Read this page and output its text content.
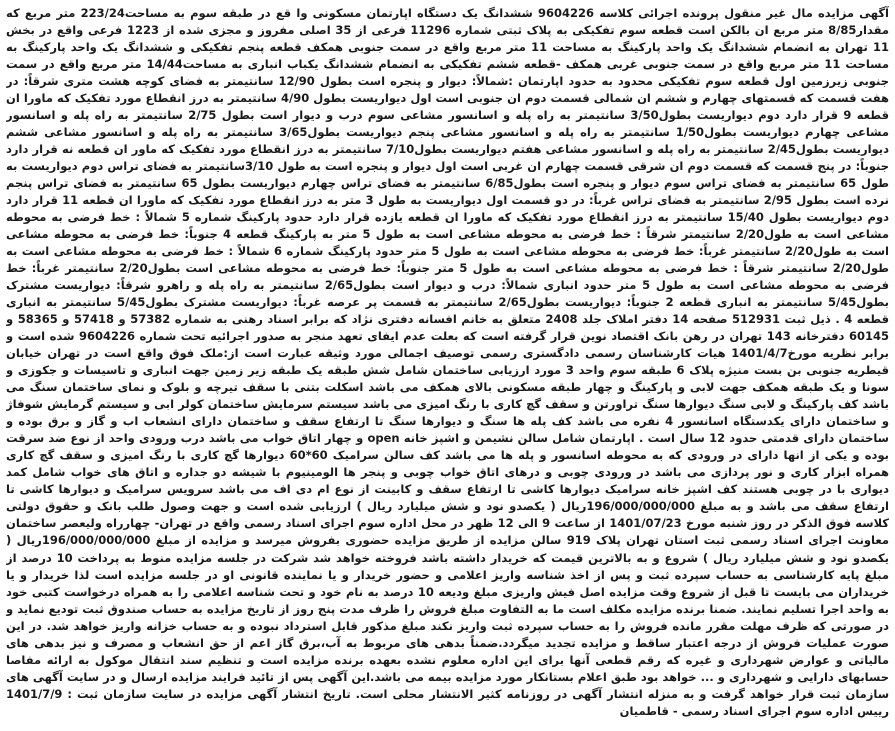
آگهی مزایده مال غیر منقول پرونده اجرائی کلاسه 9604226 ششدانگ یک دستگاه اپارتمان مسکونی وا قع در طبقه سوم به مساحت223/24 متر مربع که مقدار8/85 متر مربع ان بالکن است قطعه سوم تفکیکی به پلاک ثبتی شماره 11296 فرعی از 35 اصلی مفروز و مجزی شده از 1223 فرعی واقع در بخش 11 تهران به انضمام ششدانگ یک واحد پارکینگ به مساحت 11 متر مربع واقع در سمت جنوبی همکف قطعه پنجم تفکیکی و ششدانگ یک واحد پارکینگ به مساحت 11 متر مربع واقع در سمت جنوبی غربی همکف -قطعه ششم تفکیکی به انضمام ششدانگ یکباب انباری به مساحت14/44 متر مربع واقع در سمت جنوبی زیرزمین اول قطعه سوم تفکیکی محدود به حدود اپارتمان :شمالاً: دیوار و پنجره است بطول 12/90 سانتیمتر به فضای کوچه هشت متری شرقاً: در هفت قسمت که قسمتهای چهارم و ششم ان شمالی قسمت دوم ان جنوبی است اول دیواریست بطول 4/90 سانتیمتر به درز انقطاع مورد تفکیک که ماورا ان قطعه 9 قرار دارد دوم دیواریست بطول3/50 سانتیمتر به راه پله و اسانسور مشاعی سوم درب و دیوار است بطول 2/75 سانتیمتر به راه پله و اسانسور مشاعی چهارم دیواریست بطول1/50 سانتیمتر به راه پله و اسانسور مشاعی پنجم دیواریست بطول3/65 سانتیمتر به راه پله و اسانسور مشاعی ششم دیواریست بطول2/45 سانتیمتر به راه پله و اسانسور مشاعی هفتم دیواریست بطول7/10 سانتیمتر به درز انقطاع مورد تفکیک که ماور ان قطعه نه قرار دارد جنوباً: در پنج قسمت که قسمت دوم ان شرقی قسمت چهارم ان غربی است اول دیوار و پنجره است به طول 3/10سانتیمتر به فضای تراس دوم دیواریست به طول 65 سانتیمتر به فضای تراس سوم دیوار و پنجره است بطول6/85 سانتیمتر به فضای تراس چهارم دیواریست بطول 65 سانتیمتر به فضای تراس پنجم نرده است بطول 2/95 سانتیمتر به فضای تراس غرباً: در دو قسمت اول دیواریست به طول 3 متر به درز انقطاع مورد تفکیک که ماورا ان قطعه 11 قرار دارد دوم دیواریست بطول 15/40 سانتیمتر به درز انقطاع مورد تفکیک که ماورا ان قطعه یازده قرار دارد حدود پارکینگ شماره 5 شمالاً : خط فرضی به محوطه مشاعی است به طول2/20 سانتیمتر شرقاً : خط فرضی به محوطه مشاعی است به طول 5 متر به پارکینگ قطعه 4 جنوباً: خط فرضی به محوطه مشاعی است به طول2/20 سانتیمتر غرباً: خط فرضی به محوطه مشاعی است به طول 5 متر حدود پارکینگ شماره 6 شمالاً : خط فرضی به محوطه مشاعی است به طول2/20 سانتیمتر شرقاً : خط فرضی به محوطه مشاعی است به طول 5 متر جنوباً: خط فرضی به محوطه مشاعی است بطول2/20 سانتیمتر غرباً: خط فرضی به محوطه مشاعی است به طول 5 متر حدود انباری شمالاً: درب و دیوار است بطول2/65 سانتیمتر به راه پله و راهرو شرقاً: دیواریست مشترک بطول5/45 سانتیمتر به انباری قطعه 2 جنوباً: دیواریست بطول2/65 سانتیمتر به قسمت پر عرصه غرباً: دیواریست مشترک بطول5/45 سانتیمتر به انباری قطعه 4 . ذیل ثبت 512931 صفحه 14 دفتر املاک جلد 2408 متعلق به خانم افسانه دفتری نژاد که برابر اسناد رهنی به شماره 57382 و 57418 و 58365 و 60145 دفترخانه 143 تهران در رهن بانک اقتصاد نوین قرار گرفته است که بعلت عدم ایفای تعهد منجر به صدور اجرائیه تحت شماره 9604226 شده است و برابر نظریه مورخ1401/4/7 هیات کارشناسان رسمی دادگستری رسمی توصیف اجمالی مورد وثیقه عبارت است از:ملک فوق واقع است در تهران خیابان قیطریه جنوبی بن بست منیژه پلاک 6 طبقه سوم واحد 3 مورد ارزیابی ساختمان شامل شش طبقه یک طبقه زیر زمین جهت انباری و تاسیسات و جکوزی و سونا و یک طبقه همکف جهت لابی و پارکینگ و چهار طبقه مسکونی بالای همکف می باشد اسکلت بتنی با سقف تیرچه و بلوک و نمای ساختمان سنگ می باشد کف پارکینگ و لابی سنگ دیوارها سنگ تراورتن و سقف گچ کاری با رنگ امیزی می باشد سیستم سرمایش ساختمان کولر ابی و سیستم گرمایش شوفاژ و ساختمان دارای یکدستگاه اسانسور 4 نفره می باشد کف پله ها سنگ و دیوارها سنگ تا ارتفاع سقف و ساختمان دارای انشعاب اب و گاز و برق بوده و ساختمان دارای قدمتی حدود 12 سال است . اپارتمان شامل سالن نشیمن و اشپز خانه open و چهار اتاق خواب می باشد درب ورودی واحد از نوع ضد سرقت بوده و یکی از انها دارای در ورودی که به محوطه اسانسور و پله ها می باشد کف سالن سرامیک 60*60 دیوارها گچ کاری با رنگ امیزی و سقف گچ کاری همراه ابزار کاری و نور پردازی می باشد در ورودی چوبی و درهای اتاق خواب چوبی و پنجر ها الومینیوم با شیشه دو جداره و اتاق های خواب شامل کمد دیواری با در چوبی هستند کف اشپز خانه سرامیک دیوارها کاشی تا ارتفاع سقف و کابینت از نوع ام دی اف می باشد سرویس سرامیک و دیوارها کاشی تا ارتفاع سقف می باشد و به مبلغ 196/000/000/000ریال ( یکصدو نود و شش میلیارد ریال ) ارزیابی شده است و جهت وصول طلب بانک و حقوق دولتی کلاسه فوق الذکر در روز شنبه مورخ 1401/07/23 از ساعت 9 الی 12 ظهر در محل اداره سوم اجرای اسناد رسمی واقع در تهران- چهارراه ولیعصر ساختمان معاونت اجرای اسناد رسمی ثبت استان تهران پلاک 919 سالن مزایده از طریق مزایده حضوری بفروش میرسد و مزایده از مبلغ 196/000/000/000ریال ( یکصدو نود و شش میلیارد ریال ) شروع و به بالاترین قیمت که خریدار داشته باشد فروخته خواهد شد شرکت در جلسه مزایده منوط به پرداخت 10 درصد از مبلغ پایه کارشناسی به حساب سپرده ثبت و پس از اخذ شناسه واریز اعلامی و حضور خریدار و یا نماینده قانونی او در جلسه مزایده است لذا خریدار و یا خریداران می بایست تا قبل از شروع وقت مزایده اصل فیش واریزی مبلغ ودیعه 10 درصد به نام خود و تحت شناسه اعلامی را به همراه درخواست کتبی خود به واحد اجرا تسلیم نمایند. ضمنا برنده مزایده مکلف است ما به التفاوت مبلغ فروش را ظرف مدت پنج روز از تاریخ مزایده به حساب صندوق ثبت تودیع نماید و در صورتی که ظرف مهلت مقرر مانده فروش را به حساب سپرده ثبت واریز نکند مبلغ مذکور قابل استرداد نبوده و به حساب خزانه واریز خواهد شد. در این صورت عملیات فروش از درجه اعتبار ساقط و مزایده تجدید میگردد.ضمناً بدهی های مربوط به آب،برق گاز اعم از حق انشعاب و مصرف و نیز بدهی های مالیاتی و عوارض شهرداری و غیره که رقم قطعی آنها برای این اداره معلوم نشده بعهده برنده مزایده است و تنظیم سند انتقال موکول به ارائه مفاصا حسابهای دارایی و شهرداری و ... خواهد بود طبق اعلام بستانکار مورد مزایده بیمه می باشد.این آگهی پس از تائید فرایند مزایده ارسال و در سایت آگهی های سازمان ثبت قرار خواهد گرفت و به منزله انتشار آگهی در روزنامه کثیر الانتشار محلی است. تاریخ انتشار آگهی مزایده در سایت سازمان ثبت : 1401/7/9 رییس اداره سوم اجرای اسناد رسمی - قاطمیان
